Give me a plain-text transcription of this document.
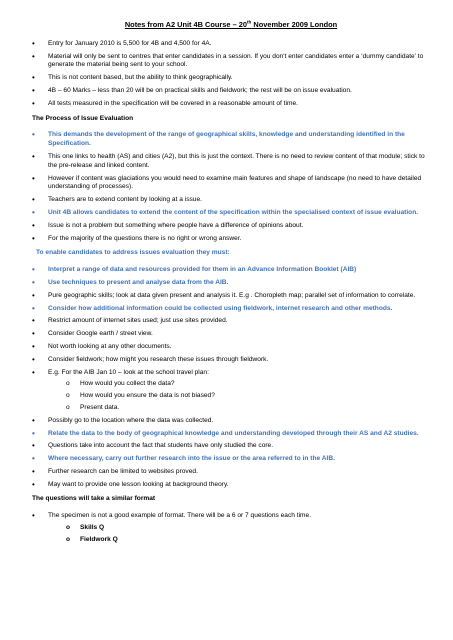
Notes from A2 Unit 4B Course – 20th November 2009 London
• Entry for January 2010 is 5,500 for 4B and 4,500 for 4A.
• Material will only be sent to centres that enter candidates in a session. If you don't enter candidates enter a ‘dummy candidate’ to generate the material being sent to your school.
• This is not content based, but the ability to think geographically.
• 4B – 60 Marks – less than 20 will be on practical skills and fieldwork; the rest will be on issue evaluation.
• All tests measured in the specification will be covered in a reasonable amount of time.
The Process of Issue Evaluation
• This demands the development of the range of geographical skills, knowledge and understanding identified in the Specification.
• This one links to health (AS) and cities (A2), but this is just the context. There is no need to review content of that module; stick to the pre-release and linked content.
• However if content was glaciations you would need to examine main features and shape of landscape (no need to have detailed understanding of processes).
• Teachers are to extend content by looking at a issue.
• Unit 4B allows candidates to extend the content of the specification within the specialised context of issue evaluation.
• Issue is not a problem but something where people have a difference of opinions about.
• For the majority of the questions there is no right or wrong answer.
To enable candidates to address issues evaluation they must:
• Interpret a range of data and resources provided for them in an Advance Information Booklet (AIB)
• Use techniques to present and analyse data from the AIB.
• Pure geographic skills; look at data given present and analysis it. E.g . Choropleth map; parallel set of information to correlate.
• Consider how additional information could be collected using fieldwork, internet research and other methods.
• Restrict amount of internet sites used; just use sites provided.
• Consider Google earth / street view.
• Not worth looking at any other documents.
• Consider fieldwork; how might you research these issues through fieldwork.
• E.g. For the AIB Jan 10 – look at the school travel plan:
o How would you collect the data?
o How would you ensure the data is not biased?
o Present data.
• Possibly go to the location where the data was collected.
• Relate the data to the body of geographical knowledge and understanding developed through their AS and A2 studies.
• Questions take into account the fact that students have only studied the core.
• Where necessary, carry out further research into the issue or the area referred to in the AIB.
• Further research can be limited to websites proved.
• May want to provide one lesson looking at background theory.
The questions will take a similar format
• The specimen is not a good example of format. There will be a 6 or 7 questions each time.
o Skills Q
o Fieldwork Q
